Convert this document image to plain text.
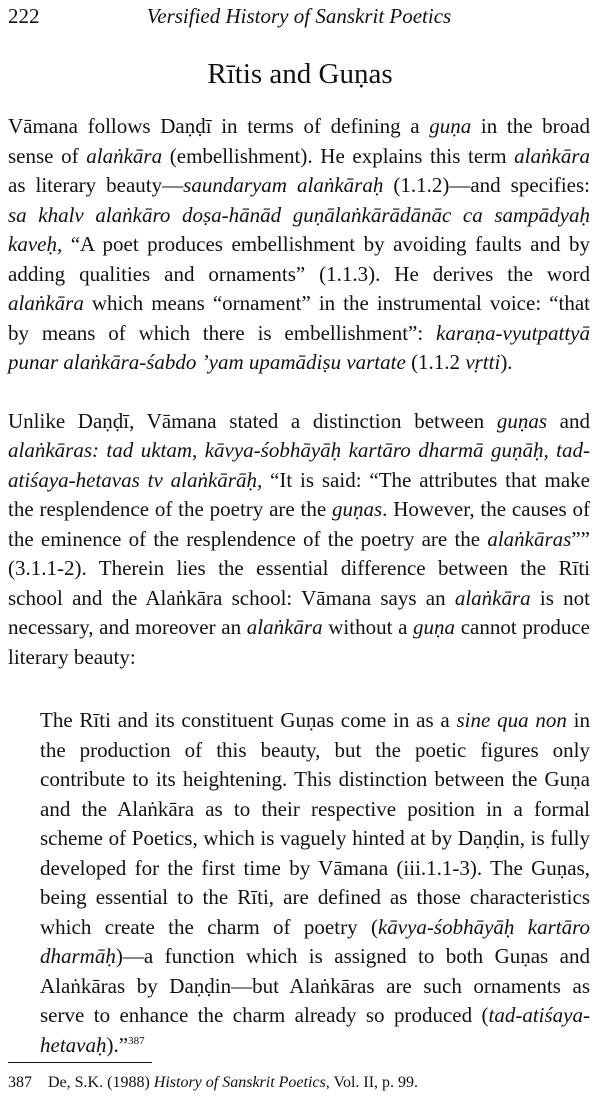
222	Versified History of Sanskrit Poetics
Rītis and Guṇas

Vāmana follows Daṇḍī in terms of defining a guṇa in the broad sense of alaṅkāra (embellishment). He explains this term alaṅkāra as literary beauty—saundaryam alaṅkāraḥ (1.1.2)—and specifies: sa khalv alaṅkāro doṣa-hānād guṇālaṅkārādānāc ca sampādyaḥ kaveḥ, “A poet produces embellishment by avoiding faults and by adding qualities and ornaments” (1.1.3). He derives the word alaṅkāra which means “ornament” in the instrumental voice: “that by means of which there is embellishment”: karaṇa-vyutpattyā punar alaṅkāra-śabdo ’yam upamādiṣu vartate (1.1.2 vṛtti).

Unlike Daṇḍī, Vāmana stated a distinction between guṇas and alaṅkāras: tad uktam, kāvya-śobhāyāḥ kartāro dharmā guṇāḥ, tad-atiśaya-hetavas tv alaṅkārāḥ, “It is said: “The attributes that make the resplendence of the poetry are the guṇas. However, the causes of the eminence of the resplendence of the poetry are the alaṅkāras”” (3.1.1-2). Therein lies the essential difference between the Rīti school and the Alaṅkāra school: Vāmana says an alaṅkāra is not necessary, and moreover an alaṅkāra without a guṇa cannot produce literary beauty:

The Rīti and its constituent Guṇas come in as a sine qua non in the production of this beauty, but the poetic figures only contribute to its heightening. This distinction between the Guṇa and the Alaṅkāra as to their respective position in a formal scheme of Poetics, which is vaguely hinted at by Daṇḍin, is fully developed for the first time by Vāmana (iii.1.1-3). The Guṇas, being essential to the Rīti, are defined as those characteristics which create the charm of poetry (kāvya-śobhāyāḥ kartāro dharmāḥ)—a function which is assigned to both Guṇas and Alaṅkāras by Daṇḍin—but Alaṅkāras are such ornaments as serve to enhance the charm already so produced (tad-atiśaya-hetavaḥ).”$^{387}$

387 De, S.K. (1988) History of Sanskrit Poetics, Vol. II, p. 99.
